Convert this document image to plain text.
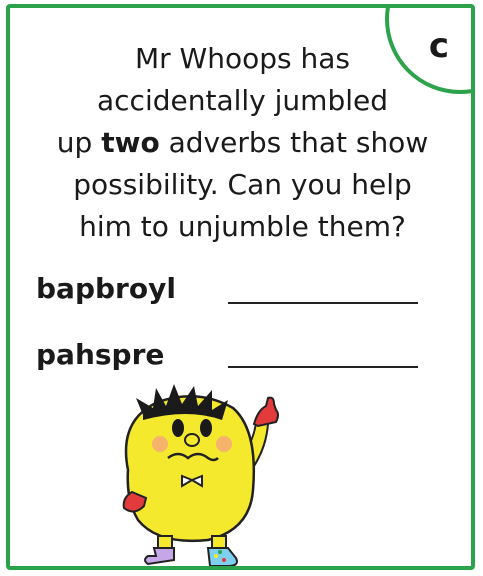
c

Mr Whoops has

accidentally jumbled

up two adverbs that show

possibility. Can you help

him to unjumble them?

bapbroyl
pahspre
